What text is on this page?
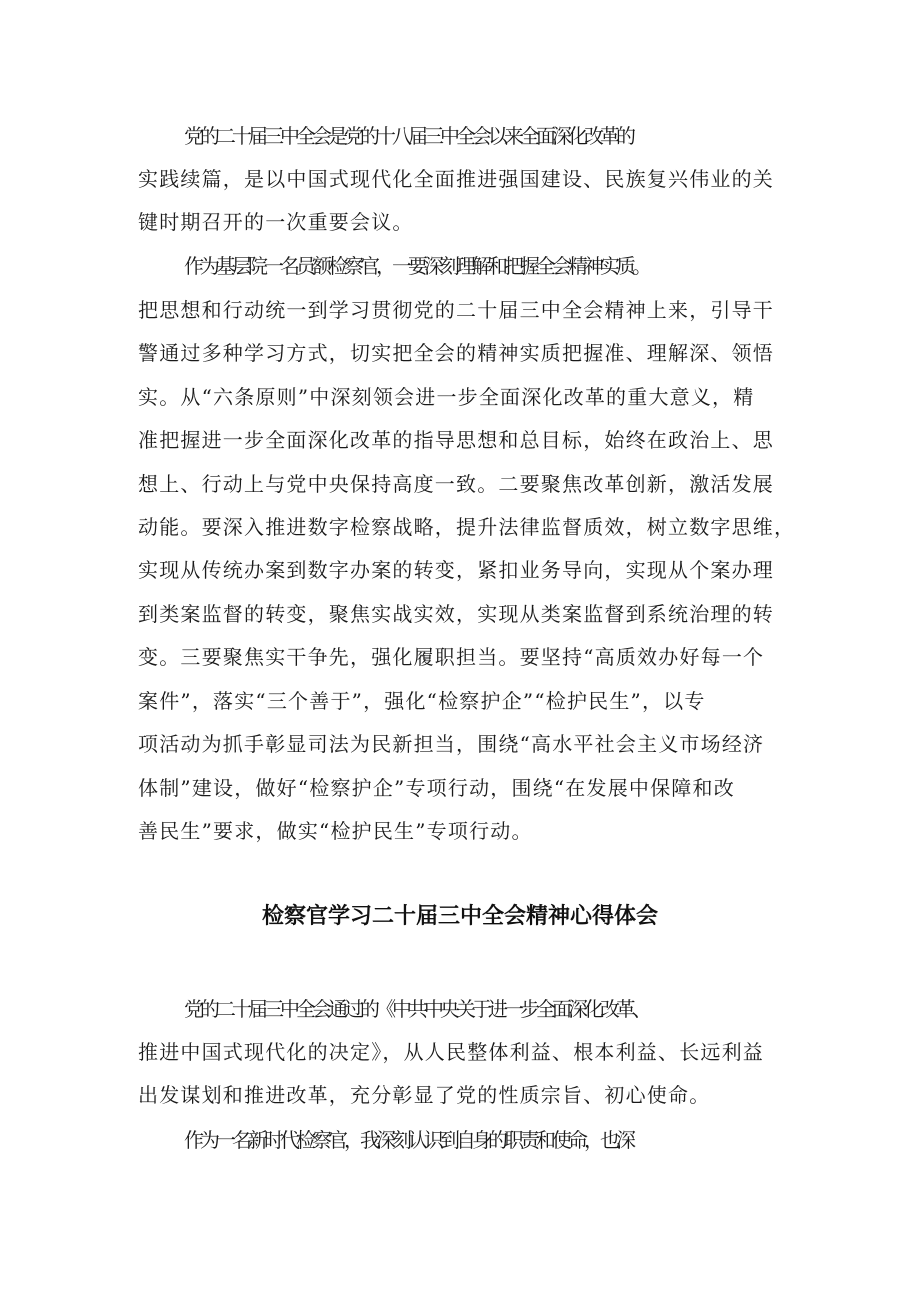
党的二十届三中全会是党的十八届三中全会以来全面深化改革的
实践续篇，是以中国式现代化全面推进强国建设、民族复兴伟业的关
键时期召开的一次重要会议。
作为基层院一名员额检察官，一要深刻理解和把握全会精神实质。
把思想和行动统一到学习贯彻党的二十届三中全会精神上来，引导干
警通过多种学习方式，切实把全会的精神实质把握准、理解深、领悟
实。从“六条原则”中深刻领会进一步全面深化改革的重大意义，精
准把握进一步全面深化改革的指导思想和总目标，始终在政治上、思
想上、行动上与党中央保持高度一致。二要聚焦改革创新，激活发展
动能。要深入推进数字检察战略，提升法律监督质效，树立数字思维，
实现从传统办案到数字办案的转变，紧扣业务导向，实现从个案办理
到类案监督的转变，聚焦实战实效，实现从类案监督到系统治理的转
变。三要聚焦实干争先，强化履职担当。要坚持“高质效办好每一个
案件”，落实“三个善于”，强化“检察护企”“检护民生”，以专
项活动为抓手彰显司法为民新担当，围绕“高水平社会主义市场经济
体制”建设，做好“检察护企”专项行动，围绕“在发展中保障和改
善民生”要求，做实“检护民生”专项行动。
检察官学习二十届三中全会精神心得体会
党的二十届三中全会通过的《中共中央关于进一步全面深化改革、
推进中国式现代化的决定》，从人民整体利益、根本利益、长远利益
出发谋划和推进改革，充分彰显了党的性质宗旨、初心使命。
作为一名新时代检察官，我深刻认识到自身的职责和使命，也深
